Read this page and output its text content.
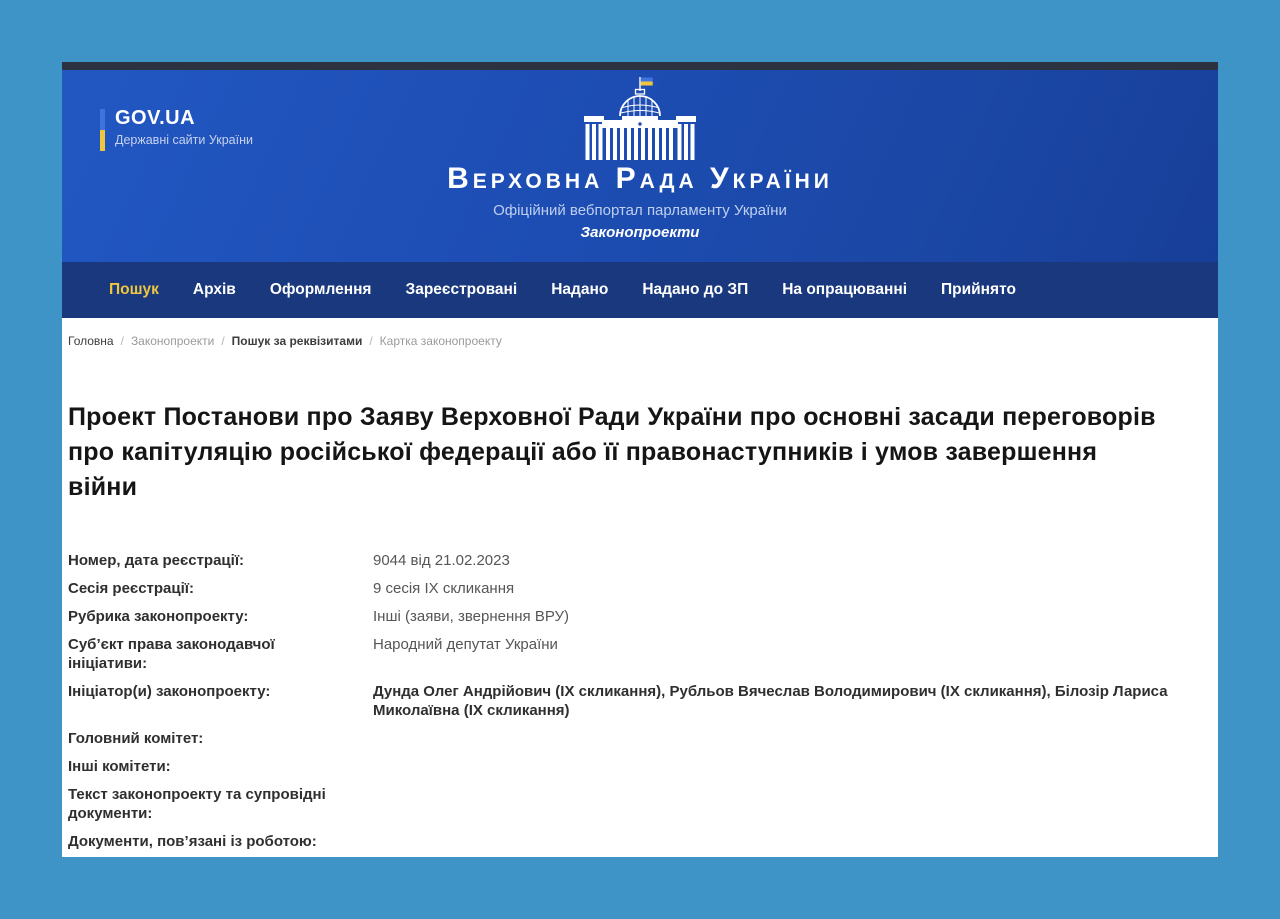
GOV.UA
Державні сайти України
Верховна Рада України
Офіційний вебпортал парламенту України
Законопроекти
Пошук	Архів	Оформлення	Зареєстровані	Надано	Надано до ЗП	На опрацюванні	Прийнято
Головна / Законопроекти / Пошук за реквізитами / Картка законопроекту
Проект Постанови про Заяву Верховної Ради України про основні засади переговорів про капітуляцію російської федерації або її правонаступників і умов завершення війни
Номер, дата реєстрації:	9044 від 21.02.2023
Сесія реєстрації:	9 сесія IX скликання
Рубрика законопроекту:	Інші (заяви, звернення ВРУ)
Суб’єкт права законодавчої ініціативи:
Народний депутат України
Ініціатор(и) законопроекту:	Дунда Олег Андрійович (IX скликання), Рубльов Вячеслав Володимирович (IX скликання), Білозір Лариса Миколаївна (IX скликання)
Головний комітет:
Інші комітети:
Текст законопроекту та супровідні документи:
Документи, пов’язані із роботою:
